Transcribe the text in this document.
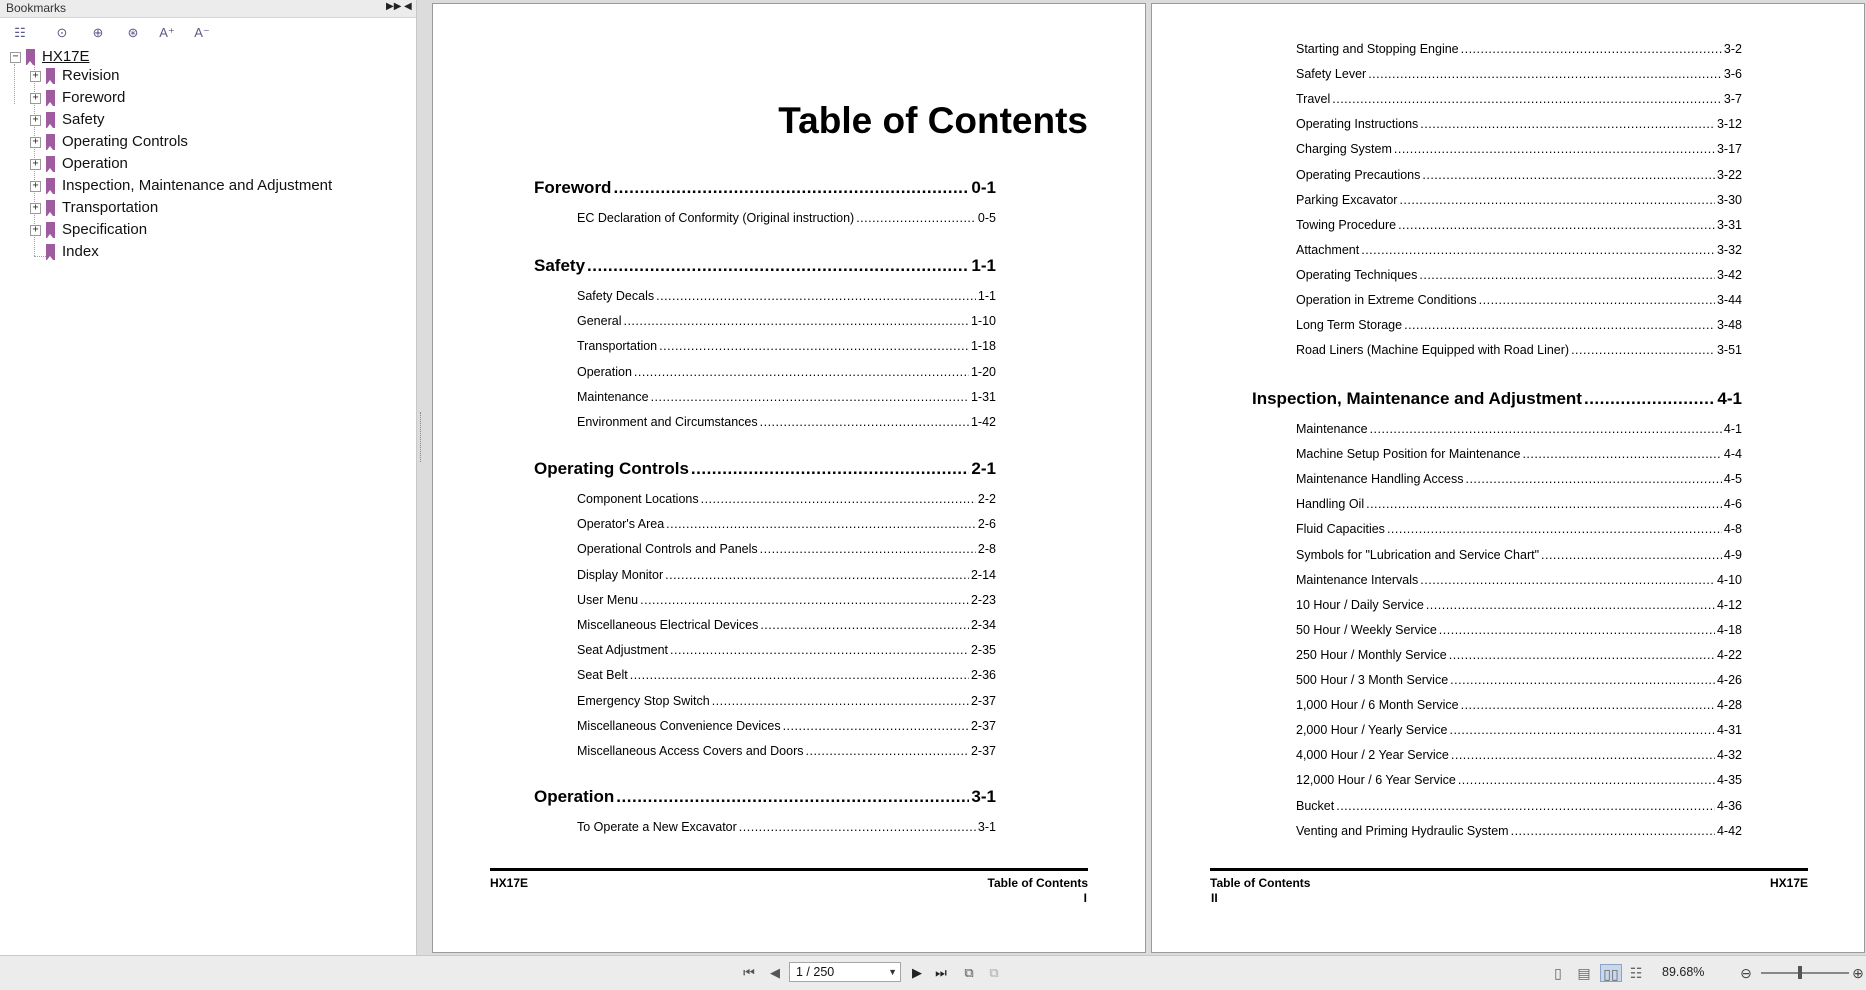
Bookmarks	▶▶ ◀
☷	⊙	⊕	⊛	A⁺ A⁻
− HX17E
+ Revision
+ Foreword
+ Safety
+ Operating Controls
+ Operation
+ Inspection, Maintenance and Adjustment
+ Transportation
+ Specification
Index
Table of Contents
Foreword .....	0-1
EC Declaration of Conformity (Original instruction) .....	0-5
Safety .....	1-1
Safety Decals .....	1-1
General .....	1-10
Transportation .....	1-18
Operation .....	1-20
Maintenance .....	1-31
Environment and Circumstances .....	1-42
Operating Controls .....	2-1
Component Locations .....	2-2
Operator's Area .....	2-6
Operational Controls and Panels .....	2-8
Display Monitor .....	2-14
User Menu .....	2-23
Miscellaneous Electrical Devices .....	2-34
Seat Adjustment .....	2-35
Seat Belt .....	2-36
Emergency Stop Switch .....	2-37
Miscellaneous Convenience Devices .....	2-37
Miscellaneous Access Covers and Doors .....	2-37
Operation .....	3-1
To Operate a New Excavator .....	3-1
HX17E	Table of Contents
I
Starting and Stopping Engine .....	3-2
Safety Lever .....	3-6
Travel .....	3-7
Operating Instructions .....	3-12
Charging System .....	3-17
Operating Precautions .....	3-22
Parking Excavator .....	3-30
Towing Procedure .....	3-31
Attachment .....	3-32
Operating Techniques .....	3-42
Operation in Extreme Conditions .....	3-44
Long Term Storage .....	3-48
Road Liners (Machine Equipped with Road Liner) .....	3-51
Inspection, Maintenance and Adjustment .....	4-1
Maintenance .....	4-1
Machine Setup Position for Maintenance .....	4-4
Maintenance Handling Access .....	4-5
Handling Oil .....	4-6
Fluid Capacities .....	4-8
Symbols for "Lubrication and Service Chart" .....	4-9
Maintenance Intervals .....	4-10
10 Hour / Daily Service .....	4-12
50 Hour / Weekly Service .....	4-18
250 Hour / Monthly Service .....	4-22
500 Hour / 3 Month Service .....	4-26
1,000 Hour / 6 Month Service .....	4-28
2,000 Hour / Yearly Service .....	4-31
4,000 Hour / 2 Year Service .....	4-32
12,000 Hour / 6 Year Service .....	4-35
Bucket .....	4-36
Venting and Priming Hydraulic System .....	4-42
Table of Contents	HX17E
II
⏮	◀	1 / 250	▼	▶	⏭	⧉	⧉	▯	▤ ▯▯ ☷ 89.68%	⊖	⊕
